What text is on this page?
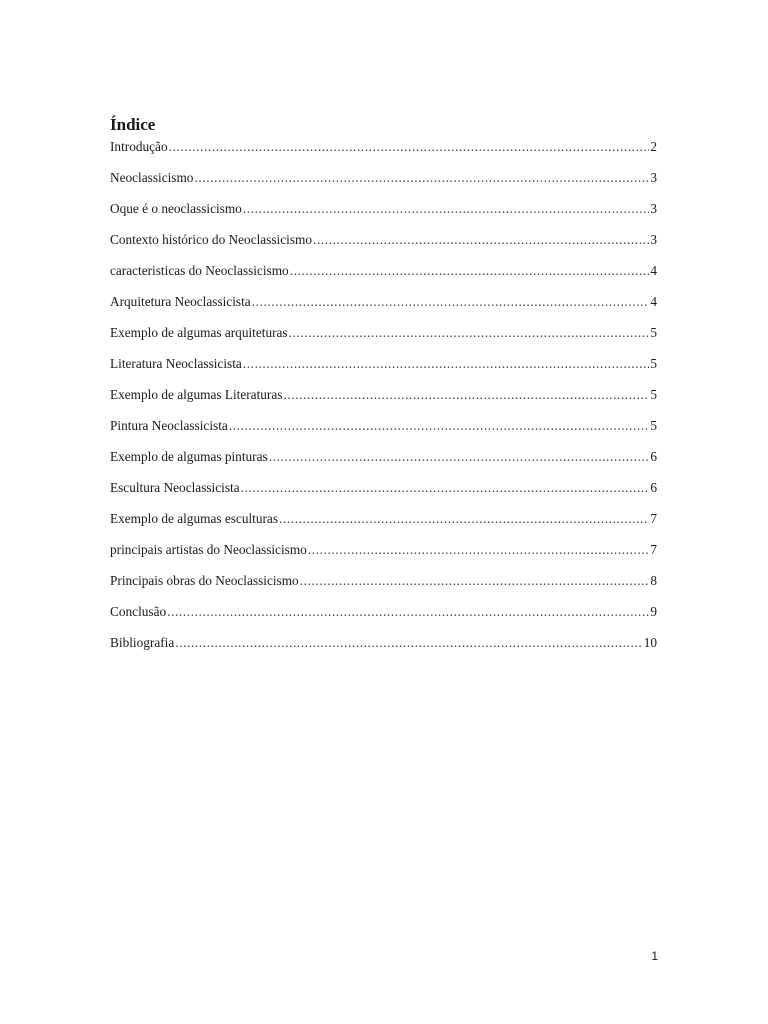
Índice
Introdução .....	2
Neoclassicismo .....	3
Oque é o neoclassicismo .....	3
Contexto histórico do Neoclassicismo .....	3
caracteristicas do Neoclassicismo .....	4
Arquitetura Neoclassicista .....	4
Exemplo de algumas arquiteturas .....	5
Literatura Neoclassicista .....	5
Exemplo de algumas Literaturas .....	5
Pintura Neoclassicista .....	5
Exemplo de algumas pinturas .....	6
Escultura Neoclassicista .....	6
Exemplo de algumas esculturas .....	7
principais artistas do Neoclassicismo .....	7
Principais obras do Neoclassicismo .....	8
Conclusão .....	9
Bibliografia .....	10
1
